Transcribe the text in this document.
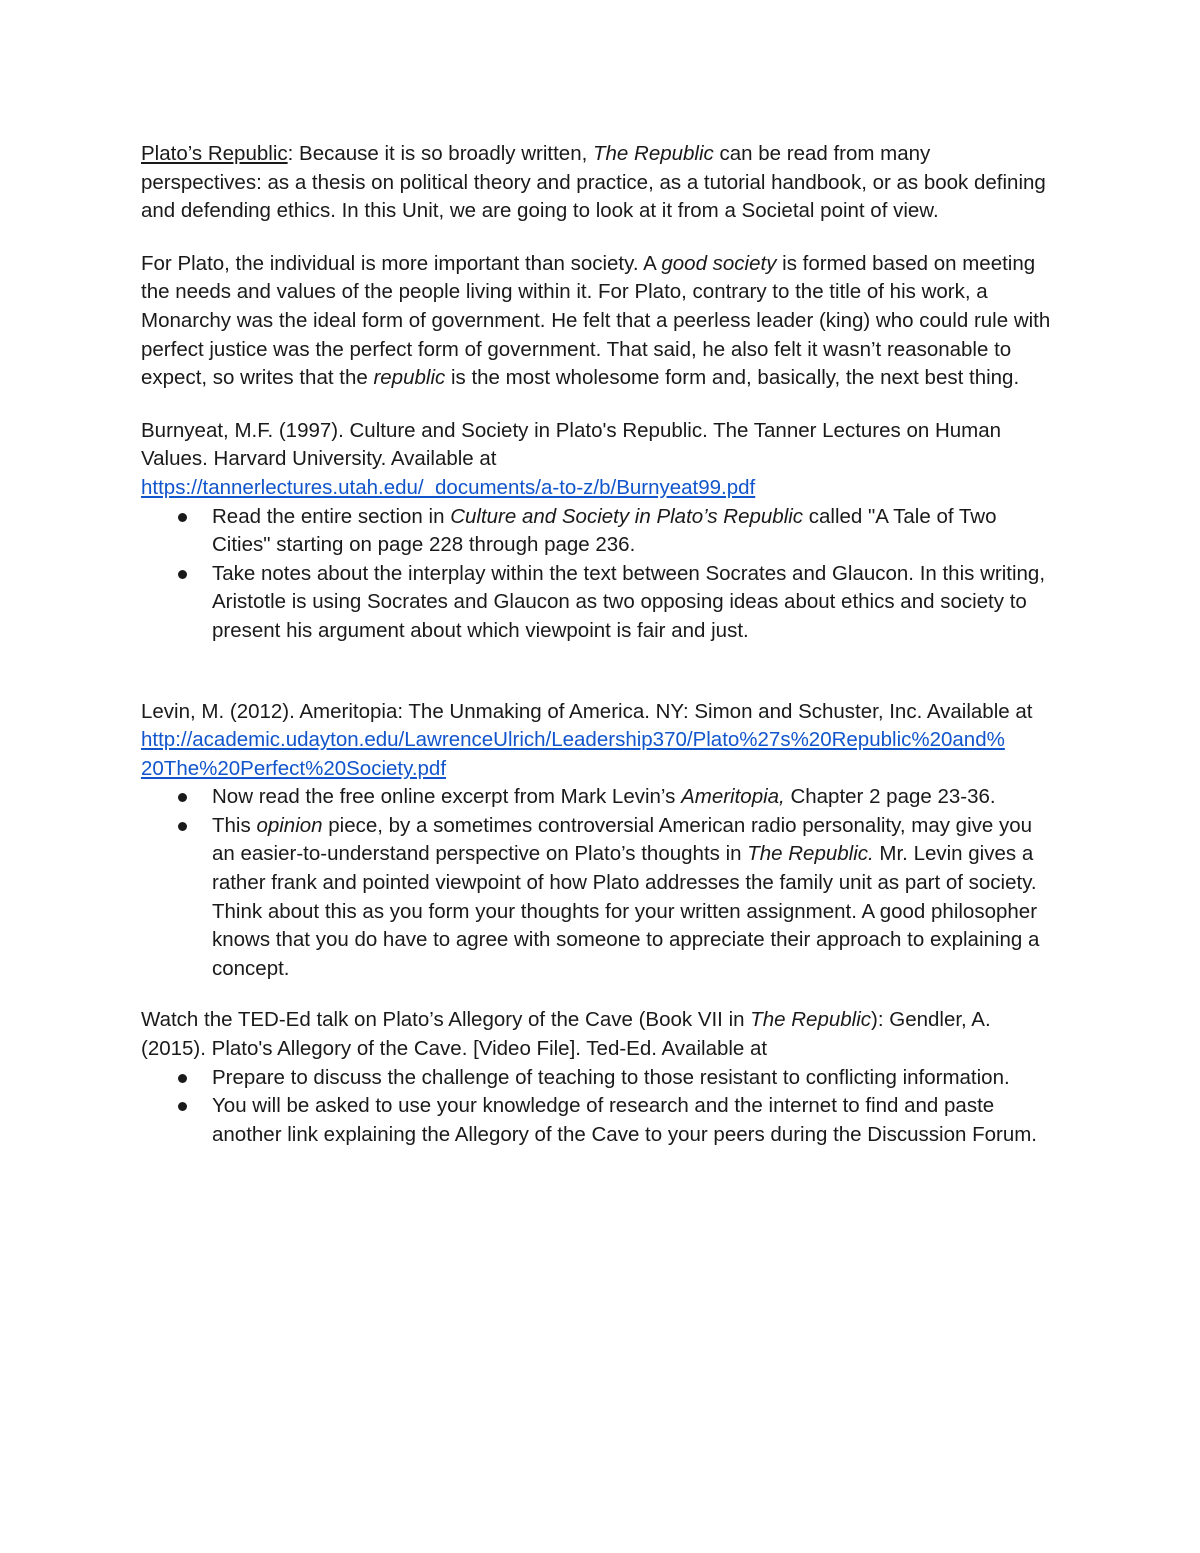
Plato’s Republic: Because it is so broadly written, The Republic can be read from many perspectives: as a thesis on political theory and practice, as a tutorial handbook, or as book defining and defending ethics. In this Unit, we are going to look at it from a Societal point of view.

For Plato, the individual is more important than society. A good society is formed based on meeting the needs and values of the people living within it. For Plato, contrary to the title of his work, a Monarchy was the ideal form of government. He felt that a peerless leader (king) who could rule with perfect justice was the perfect form of government. That said, he also felt it wasn’t reasonable to expect, so writes that the republic is the most wholesome form and, basically, the next best thing.

Burnyeat, M.F. (1997). Culture and Society in Plato's Republic. The Tanner Lectures on Human Values. Harvard University. Available at
https://tannerlectures.utah.edu/_documents/a-to-z/b/Burnyeat99.pdf

Read the entire section in Culture and Society in Plato’s Republic called "A Tale of Two Cities" starting on page 228 through page 236.
Take notes about the interplay within the text between Socrates and Glaucon. In this writing, Aristotle is using Socrates and Glaucon as two opposing ideas about ethics and society to present his argument about which viewpoint is fair and just.

Levin, M. (2012). Ameritopia: The Unmaking of America. NY: Simon and Schuster, Inc. Available at
http://academic.udayton.edu/LawrenceUlrich/Leadership370/Plato%27s%20Republic%20and%
20The%20Perfect%20Society.pdf

Now read the free online excerpt from Mark Levin’s Ameritopia, Chapter 2 page 23-36.
This opinion piece, by a sometimes controversial American radio personality, may give you an easier-to-understand perspective on Plato’s thoughts in The Republic. Mr. Levin gives a rather frank and pointed viewpoint of how Plato addresses the family unit as part of society. Think about this as you form your thoughts for your written assignment. A good philosopher knows that you do have to agree with someone to appreciate their approach to explaining a concept.

Watch the TED-Ed talk on Plato’s Allegory of the Cave (Book VII in The Republic): Gendler, A. (2015). Plato's Allegory of the Cave. [Video File]. Ted-Ed. Available at

Prepare to discuss the challenge of teaching to those resistant to conflicting information.
You will be asked to use your knowledge of research and the internet to find and paste another link explaining the Allegory of the Cave to your peers during the Discussion Forum.
